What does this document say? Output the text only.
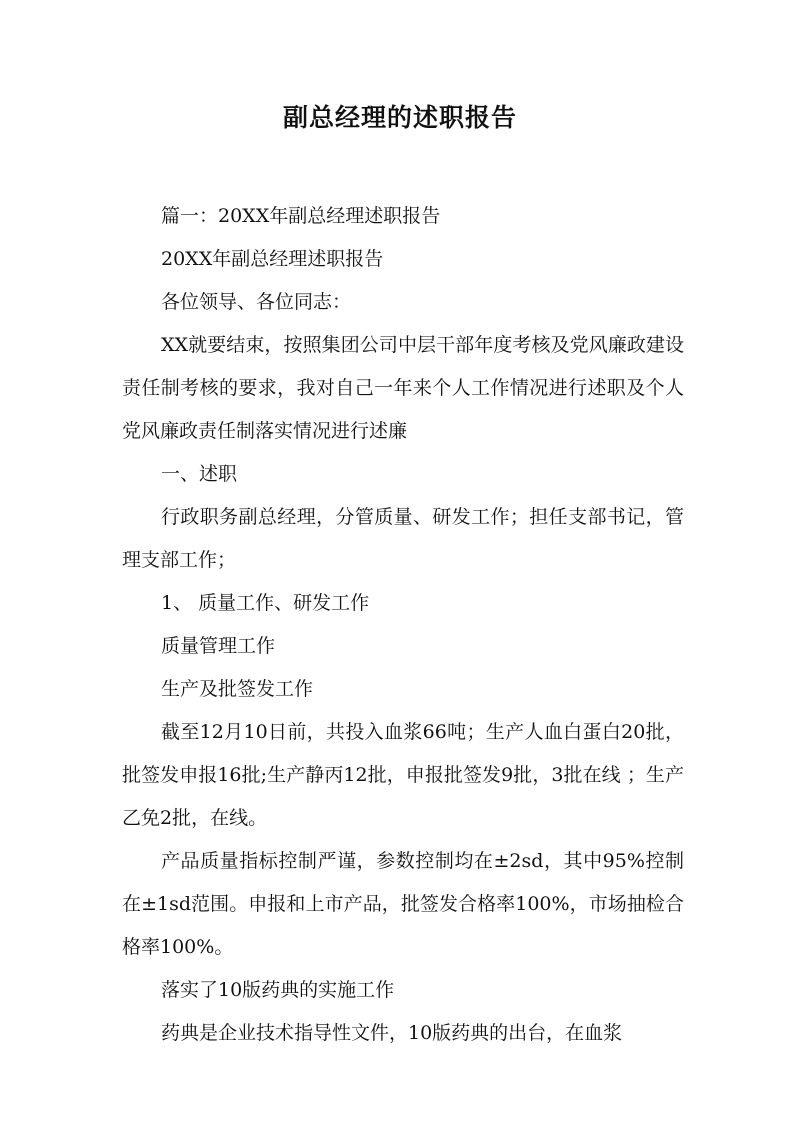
副总经理的述职报告

篇一：20XX年副总经理述职报告

20XX年副总经理述职报告

各位领导、各位同志：

XX就要结束，按照集团公司中层干部年度考核及党风廉政建设责任制考核的要求，我对自己一年来个人工作情况进行述职及个人党风廉政责任制落实情况进行述廉

一、述职

行政职务副总经理，分管质量、研发工作；担任支部书记，管理支部工作；

1、 质量工作、研发工作

质量管理工作

生产及批签发工作

截至12月10日前，共投入血浆66吨；生产人血白蛋白20批，批签发申报16批;生产静丙12批，申报批签发9批，3批在线 ；生产乙免2批，在线。

产品质量指标控制严谨，参数控制均在±2sd，其中95%控制在±1sd范围。申报和上市产品，批签发合格率100%，市场抽检合格率100%。

落实了10版药典的实施工作

药典是企业技术指导性文件，10版药典的出台，在血浆
